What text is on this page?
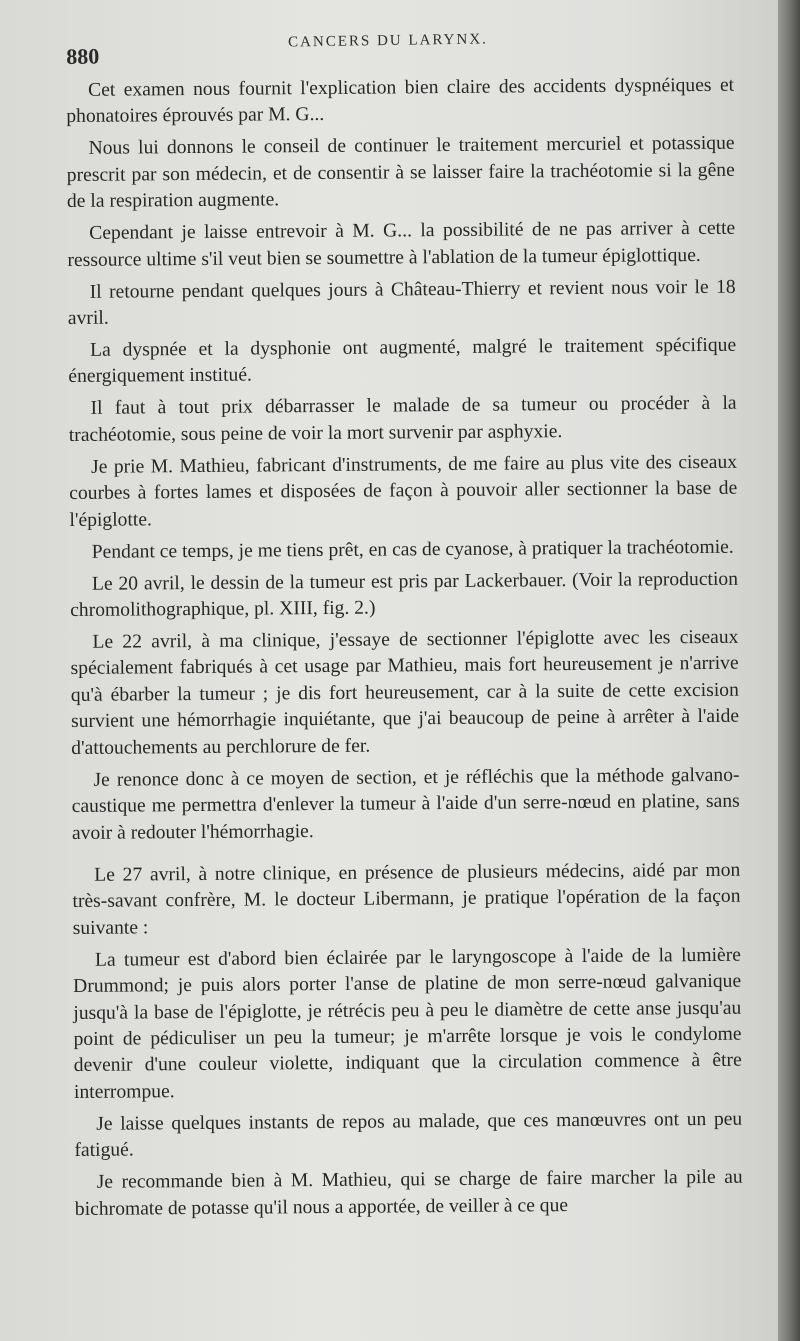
880
CANCERS DU LARYNX.

Cet examen nous fournit l'explication bien claire des accidents dyspnéiques et phonatoires éprouvés par M. G...

Nous lui donnons le conseil de continuer le traitement mercuriel et potassique prescrit par son médecin, et de consentir à se laisser faire la trachéotomie si la gêne de la respiration augmente.

Cependant je laisse entrevoir à M. G... la possibilité de ne pas arriver à cette ressource ultime s'il veut bien se soumettre à l'ablation de la tumeur épiglottique.

Il retourne pendant quelques jours à Château-Thierry et revient nous voir le 18 avril.

La dyspnée et la dysphonie ont augmenté, malgré le traitement spécifique énergiquement institué.

Il faut à tout prix débarrasser le malade de sa tumeur ou procéder à la trachéotomie, sous peine de voir la mort survenir par asphyxie.

Je prie M. Mathieu, fabricant d'instruments, de me faire au plus vite des ciseaux courbes à fortes lames et disposées de façon à pouvoir aller sectionner la base de l'épiglotte.

Pendant ce temps, je me tiens prêt, en cas de cyanose, à pratiquer la trachéotomie.

Le 20 avril, le dessin de la tumeur est pris par Lackerbauer. (Voir la reproduction chromolithographique, pl. XIII, fig. 2.)

Le 22 avril, à ma clinique, j'essaye de sectionner l'épiglotte avec les ciseaux spécialement fabriqués à cet usage par Mathieu, mais fort heureusement je n'arrive qu'à ébarber la tumeur ; je dis fort heureusement, car à la suite de cette excision survient une hémorrhagie inquiétante, que j'ai beaucoup de peine à arrêter à l'aide d'attouchements au perchlorure de fer.

Je renonce donc à ce moyen de section, et je réfléchis que la méthode galvano-caustique me permettra d'enlever la tumeur à l'aide d'un serre-nœud en platine, sans avoir à redouter l'hémorrhagie.

Le 27 avril, à notre clinique, en présence de plusieurs médecins, aidé par mon très-savant confrère, M. le docteur Libermann, je pratique l'opération de la façon suivante :

La tumeur est d'abord bien éclairée par le laryngoscope à l'aide de la lumière Drummond; je puis alors porter l'anse de platine de mon serre-nœud galvanique jusqu'à la base de l'épiglotte, je rétrécis peu à peu le diamètre de cette anse jusqu'au point de pédiculiser un peu la tumeur; je m'arrête lorsque je vois le condylome devenir d'une couleur violette, indiquant que la circulation commence à être interrompue.

Je laisse quelques instants de repos au malade, que ces manœuvres ont un peu fatigué.

Je recommande bien à M. Mathieu, qui se charge de faire marcher la pile au bichromate de potasse qu'il nous a apportée, de veiller à ce que
